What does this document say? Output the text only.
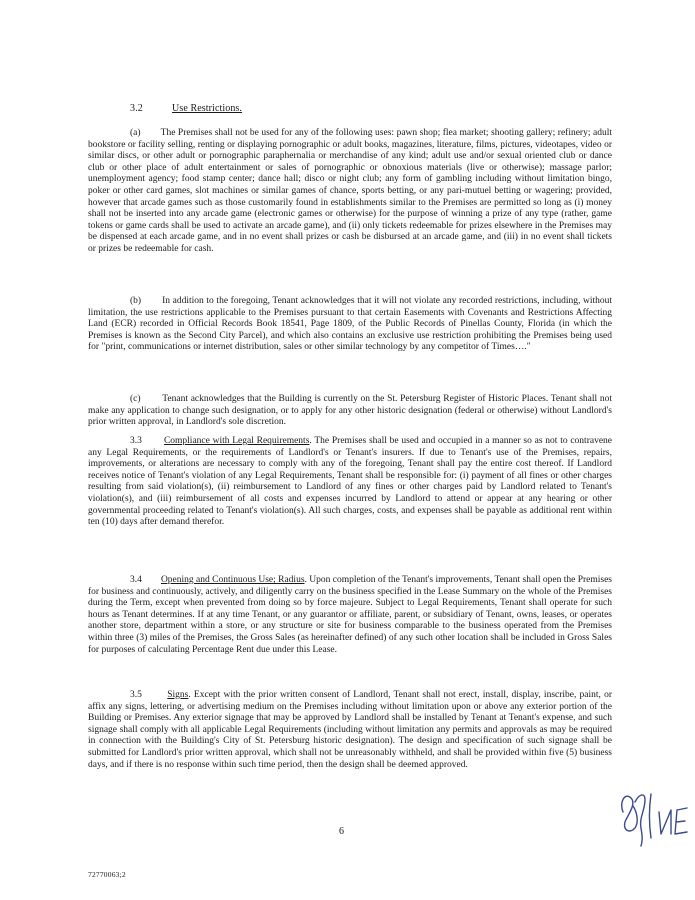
3.2	Use Restrictions.

(a) The Premises shall not be used for any of the following uses: pawn shop; flea market; shooting gallery; refinery; adult bookstore or facility selling, renting or displaying pornographic or adult books, magazines, literature, films, pictures, videotapes, video or similar discs, or other adult or pornographic paraphernalia or merchandise of any kind; adult use and/or sexual oriented club or dance club or other place of adult entertainment or sales of pornographic or obnoxious materials (live or otherwise); massage parlor; unemployment agency; food stamp center; dance hall; disco or night club; any form of gambling including without limitation bingo, poker or other card games, slot machines or similar games of chance, sports betting, or any pari-mutuel betting or wagering; provided, however that arcade games such as those customarily found in establishments similar to the Premises are permitted so long as (i) money shall not be inserted into any arcade game (electronic games or otherwise) for the purpose of winning a prize of any type (rather, game tokens or game cards shall be used to activate an arcade game), and (ii) only tickets redeemable for prizes elsewhere in the Premises may be dispensed at each arcade game, and in no event shall prizes or cash be disbursed at an arcade game, and (iii) in no event shall tickets or prizes be redeemable for cash.

(b) In addition to the foregoing, Tenant acknowledges that it will not violate any recorded restrictions, including, without limitation, the use restrictions applicable to the Premises pursuant to that certain Easements with Covenants and Restrictions Affecting Land (ECR) recorded in Official Records Book 18541, Page 1809, of the Public Records of Pinellas County, Florida (in which the Premises is known as the Second City Parcel), and which also contains an exclusive use restriction prohibiting the Premises being used for "print, communications or internet distribution, sales or other similar technology by any competitor of Times…."

(c) Tenant acknowledges that the Building is currently on the St. Petersburg Register of Historic Places. Tenant shall not make any application to change such designation, or to apply for any other historic designation (federal or otherwise) without Landlord's prior written approval, in Landlord's sole discretion.

3.3 Compliance with Legal Requirements. The Premises shall be used and occupied in a manner so as not to contravene any Legal Requirements, or the requirements of Landlord's or Tenant's insurers. If due to Tenant's use of the Premises, repairs, improvements, or alterations are necessary to comply with any of the foregoing, Tenant shall pay the entire cost thereof. If Landlord receives notice of Tenant's violation of any Legal Requirements, Tenant shall be responsible for: (i) payment of all fines or other charges resulting from said violation(s), (ii) reimbursement to Landlord of any fines or other charges paid by Landlord related to Tenant's violation(s), and (iii) reimbursement of all costs and expenses incurred by Landlord to attend or appear at any hearing or other governmental proceeding related to Tenant's violation(s). All such charges, costs, and expenses shall be payable as additional rent within ten (10) days after demand therefor.

3.4 Opening and Continuous Use; Radius. Upon completion of the Tenant's improvements, Tenant shall open the Premises for business and continuously, actively, and diligently carry on the business specified in the Lease Summary on the whole of the Premises during the Term, except when prevented from doing so by force majeure. Subject to Legal Requirements, Tenant shall operate for such hours as Tenant determines. If at any time Tenant, or any guarantor or affiliate, parent, or subsidiary of Tenant, owns, leases, or operates another store, department within a store, or any structure or site for business comparable to the business operated from the Premises within three (3) miles of the Premises, the Gross Sales (as hereinafter defined) of any such other location shall be included in Gross Sales for purposes of calculating Percentage Rent due under this Lease.

3.5	Signs. Except with the prior written consent of Landlord, Tenant shall not erect, install, display, inscribe, paint, or affix any signs, lettering, or advertising medium on the Premises including without limitation upon or above any exterior portion of the Building or Premises. Any exterior signage that may be approved by Landlord shall be installed by Tenant at Tenant's expense, and such signage shall comply with all applicable Legal Requirements (including without limitation any permits and approvals as may be required in connection with the Building's City of St. Petersburg historic designation). The design and specification of such signage shall be submitted for Landlord's prior written approval, which shall not be unreasonably withheld, and shall be provided within five (5) business days, and if there is no response within such time period, then the design shall be deemed approved.

6
72770063;2
